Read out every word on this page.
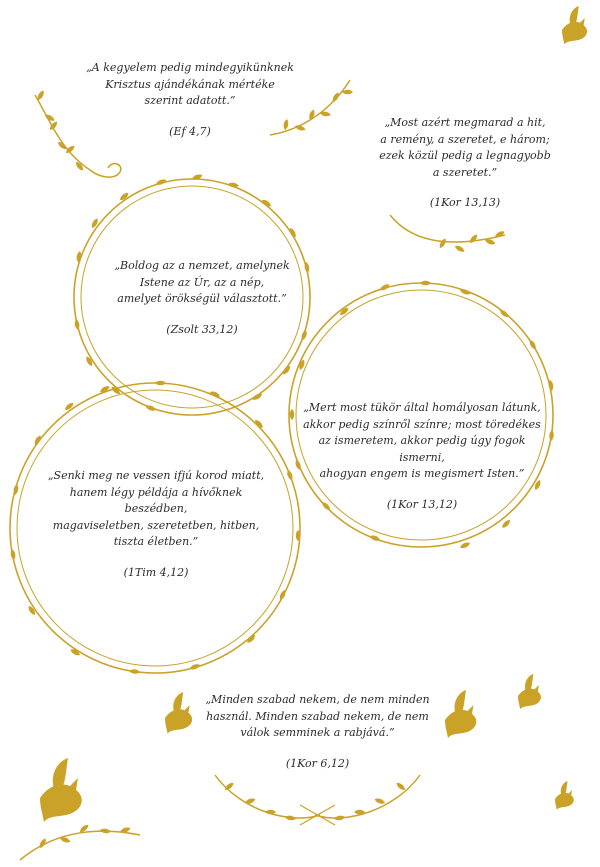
„A kegyelem pedig mindegyikünknek

Krisztus ajándékának mértéke

szerint adatott.”

(Ef 4,7)

„Most azért megmarad a hit,

a remény, a szeretet, e három;

ezek közül pedig a legnagyobb

a szeretet.”

(1Kor 13,13)

„Boldog az a nemzet, amelynek

Istene az Úr, az a nép,

amelyet örökségül választott.”

(Zsolt 33,12)

„Mert most tükör által homályosan látunk,

akkor pedig színről színre; most töredékes

az ismeretem, akkor pedig úgy fogok ismerni,

ahogyan engem is megismert Isten.”

(1Kor 13,12)

„Senki meg ne vessen ifjú korod miatt,

hanem légy példája a hívőknek beszédben,

magaviseletben, szeretetben, hitben,

tiszta életben.”

(1Tim 4,12)

„Minden szabad nekem, de nem minden

használ. Minden szabad nekem, de nem

válok semminek a rabjává.”

(1Kor 6,12)
